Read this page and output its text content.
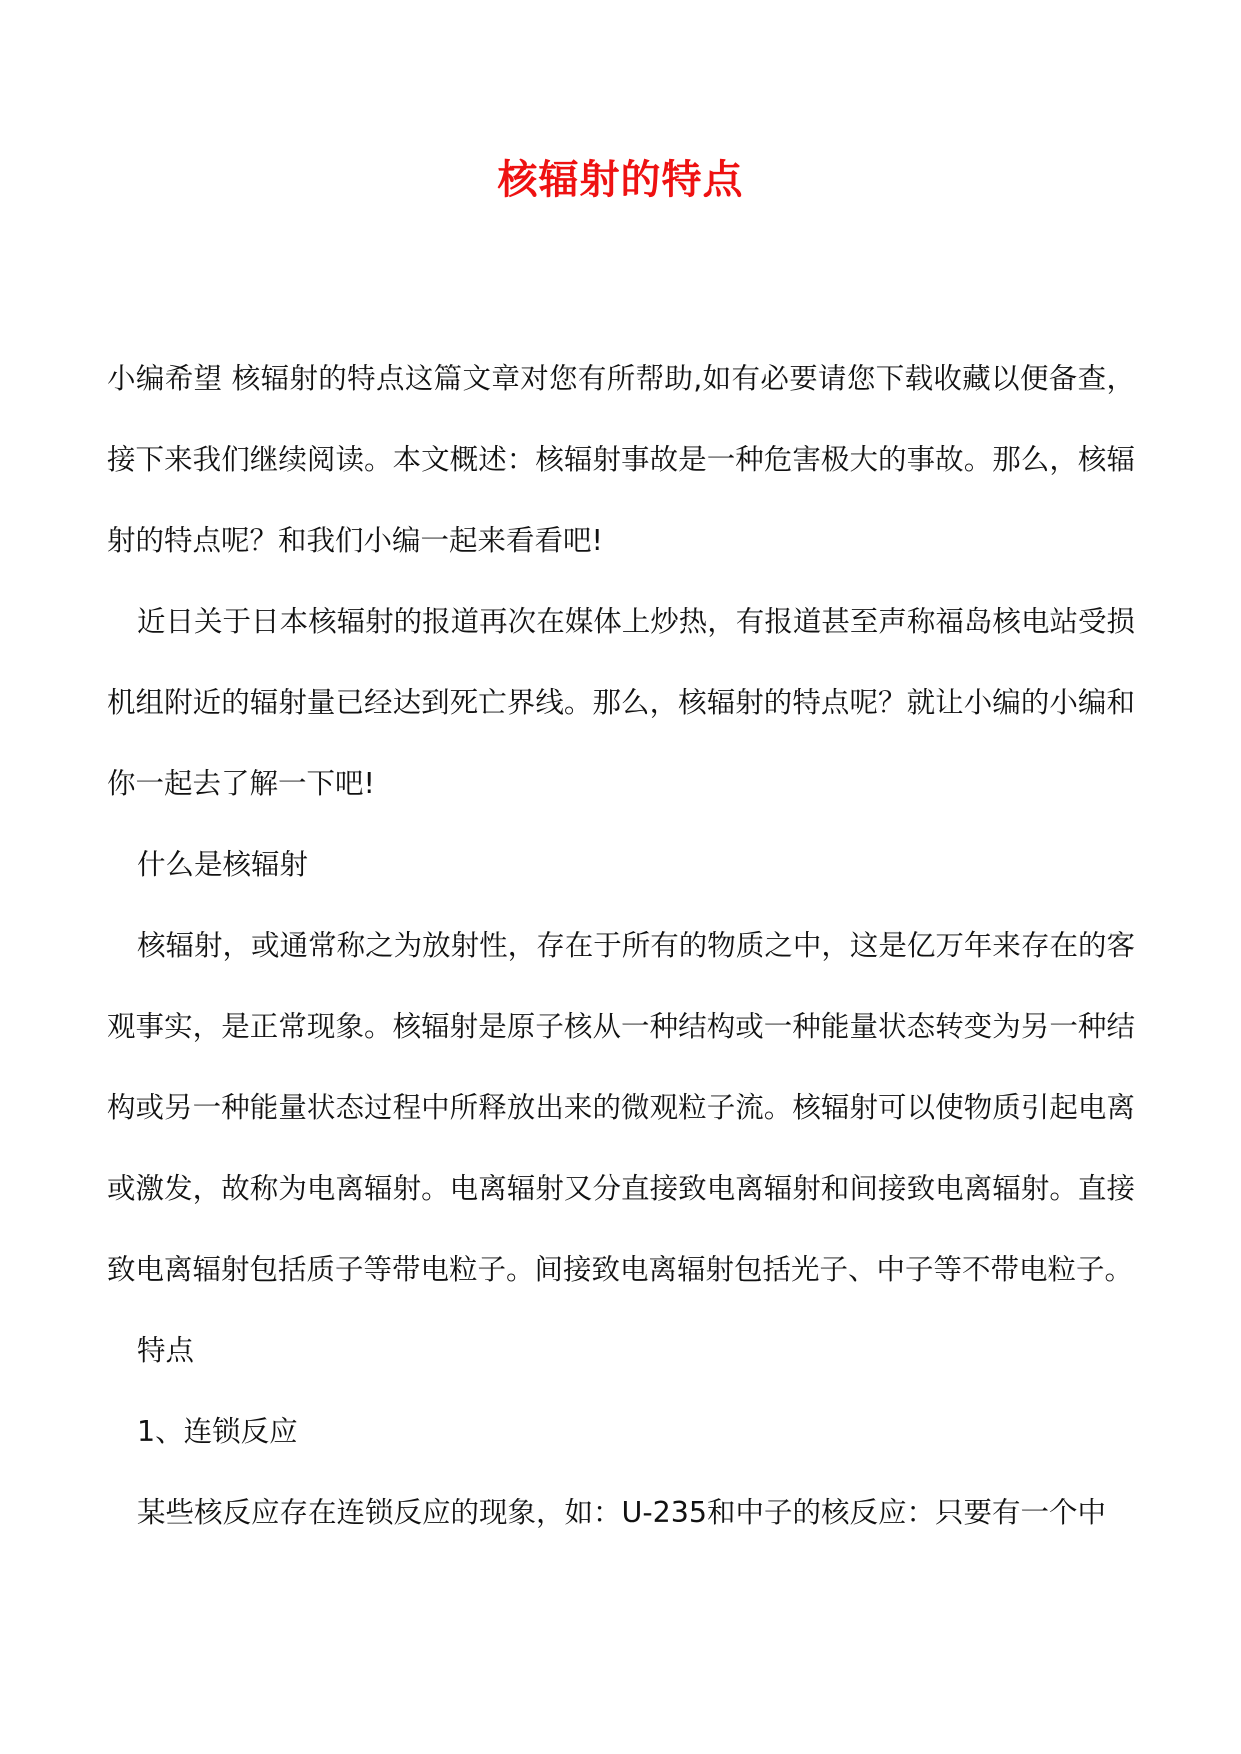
核辐射的特点

小编希望 核辐射的特点这篇文章对您有所帮助,如有必要请您下载收藏以便备查，接下来我们继续阅读。本文概述：核辐射事故是一种危害极大的事故。那么，核辐射的特点呢？和我们小编一起来看看吧!

近日关于日本核辐射的报道再次在媒体上炒热，有报道甚至声称福岛核电站受损机组附近的辐射量已经达到死亡界线。那么，核辐射的特点呢？就让小编的小编和你一起去了解一下吧!

什么是核辐射

核辐射，或通常称之为放射性，存在于所有的物质之中，这是亿万年来存在的客观事实，是正常现象。核辐射是原子核从一种结构或一种能量状态转变为另一种结构或另一种能量状态过程中所释放出来的微观粒子流。核辐射可以使物质引起电离或激发，故称为电离辐射。电离辐射又分直接致电离辐射和间接致电离辐射。直接致电离辐射包括质子等带电粒子。间接致电离辐射包括光子、中子等不带电粒子。

特点

1、连锁反应

某些核反应存在连锁反应的现象，如：U-235和中子的核反应：只要有一个中
